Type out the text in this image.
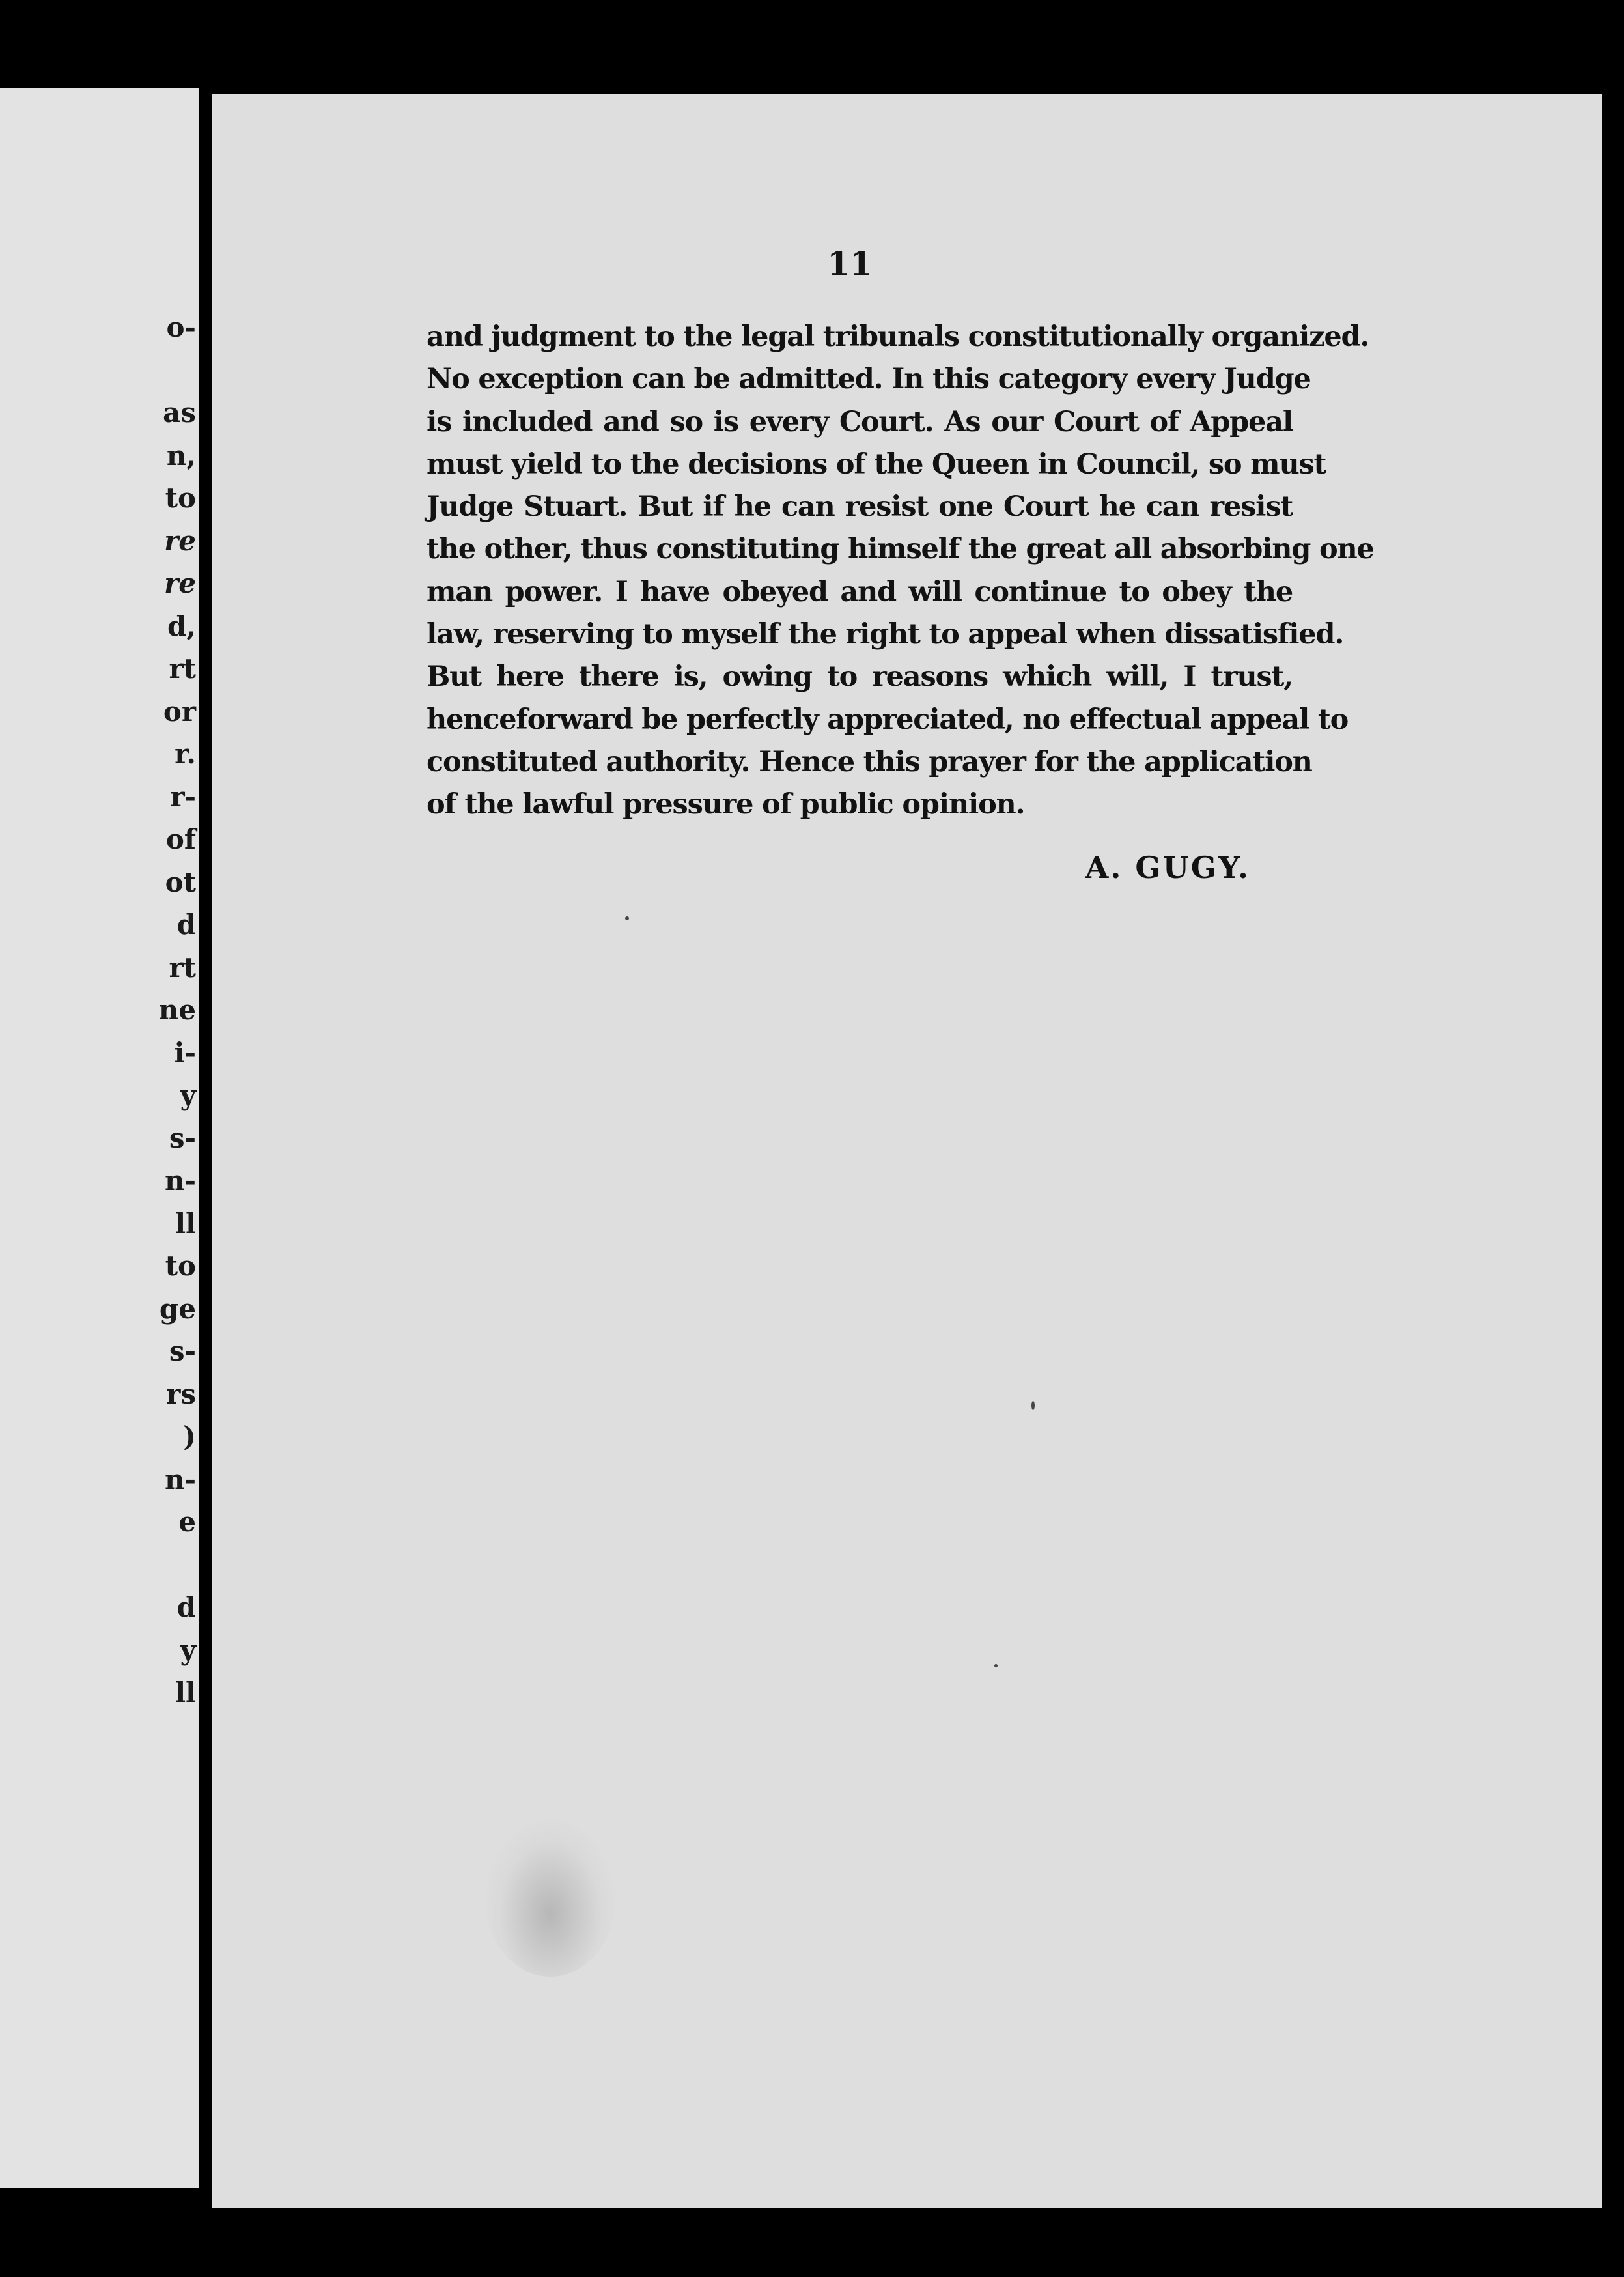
o-
as
n,
to
re
re
d,
rt
or
r.
r-
of
ot
d
rt
ne
i-
y
s-
n-
ll
to
ge
s-
rs
)
n-
e
d
y
ll

11

and judgment to the legal tribunals constitutionally organized.
No exception can be admitted. In this category every Judge
is included and so is every Court. As our Court of Appeal
must yield to the decisions of the Queen in Council, so must
Judge Stuart. But if he can resist one Court he can resist
the other, thus constituting himself the great all absorbing one
man power. I have obeyed and will continue to obey the
law, reserving to myself the right to appeal when dissatisfied.
But here there is, owing to reasons which will, I trust,
henceforward be perfectly appreciated, no effectual appeal to
constituted authority. Hence this prayer for the application
of the lawful pressure of public opinion.

A. GUGY.
